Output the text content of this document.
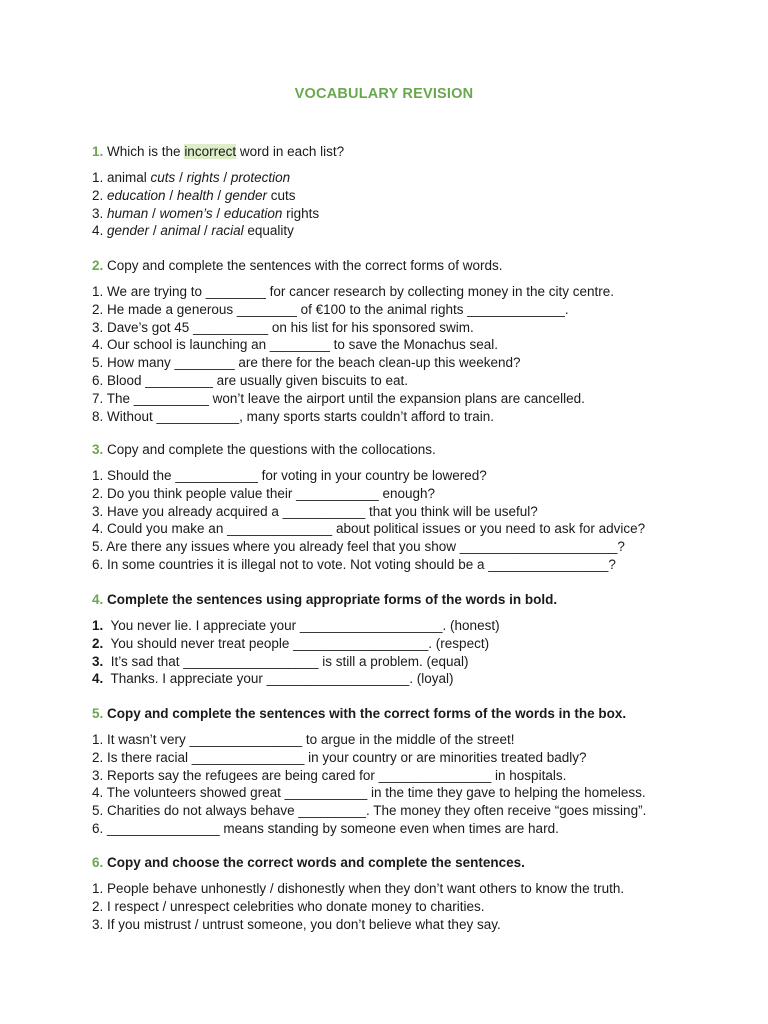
VOCABULARY REVISION
1. Which is the incorrect word in each list?
1. animal cuts / rights / protection
2. education / health / gender cuts
3. human / women’s / education rights
4. gender / animal / racial equality
2. Copy and complete the sentences with the correct forms of words.
1. We are trying to ________ for cancer research by collecting money in the city centre.
2. He made a generous ________ of €100 to the animal rights _____________.
3. Dave’s got 45 __________ on his list for his sponsored swim.
4. Our school is launching an ________ to save the Monachus seal.
5. How many ________ are there for the beach clean-up this weekend?
6. Blood _________ are usually given biscuits to eat.
7. The __________ won’t leave the airport until the expansion plans are cancelled.
8. Without ___________, many sports starts couldn’t afford to train.
3. Copy and complete the questions with the collocations.
1. Should the ___________ for voting in your country be lowered?
2. Do you think people value their ___________ enough?
3. Have you already acquired a ___________ that you think will be useful?
4. Could you make an ______________ about political issues or you need to ask for advice?
5. Are there any issues where you already feel that you show _____________________?
6. In some countries it is illegal not to vote. Not voting should be a ________________?
4. Complete the sentences using appropriate forms of the words in bold.
1.  You never lie. I appreciate your ___________________. (honest)
2.  You should never treat people __________________. (respect)
3.  It’s sad that __________________ is still a problem. (equal)
4.  Thanks. I appreciate your ___________________. (loyal)
5. Copy and complete the sentences with the correct forms of the words in the box.
1. It wasn’t very _______________ to argue in the middle of the street!
2. Is there racial _______________ in your country or are minorities treated badly?
3. Reports say the refugees are being cared for _______________ in hospitals.
4. The volunteers showed great ___________ in the time they gave to helping the homeless.
5. Charities do not always behave _________. The money they often receive “goes missing”.
6. _______________ means standing by someone even when times are hard.
6. Copy and choose the correct words and complete the sentences.
1. People behave unhonestly / dishonestly when they don’t want others to know the truth.
2. I respect / unrespect celebrities who donate money to charities.
3. If you mistrust / untrust someone, you don’t believe what they say.
